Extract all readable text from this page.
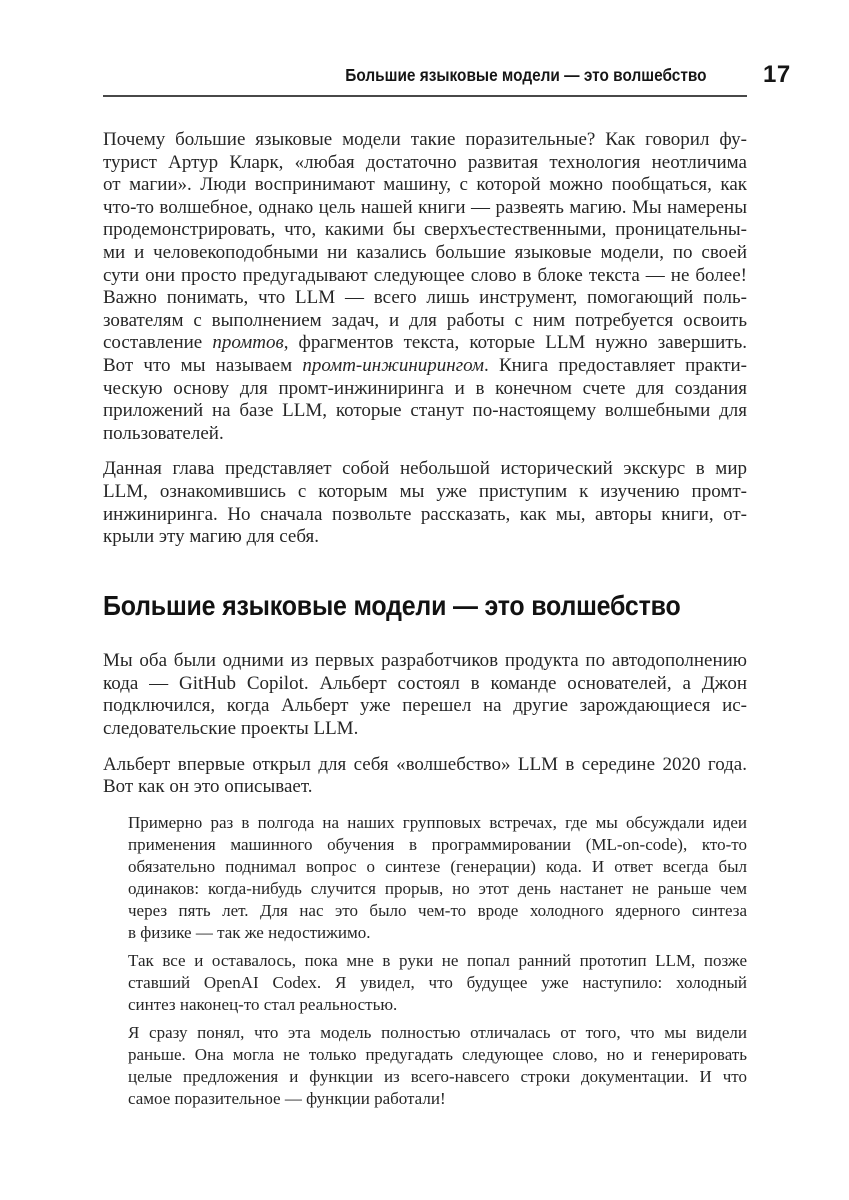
Большие языковые модели — это волшебство 17
Почему большие языковые модели такие поразительные? Как говорил фу-
турист Артур Кларк, «любая достаточно развитая технология неотличима
от магии». Люди воспринимают машину, с которой можно пообщаться, как
что-то волшебное, однако цель нашей книги — развеять магию. Мы намерены
продемонстрировать, что, какими бы сверхъестественными, проницательны-
ми и человекоподобными ни казались большие языковые модели, по своей
сути они просто предугадывают следующее слово в блоке текста — не более!
Важно понимать, что LLM — всего лишь инструмент, помогающий поль-
зователям с выполнением задач, и для работы с ним потребуется освоить
составление промтов, фрагментов текста, которые LLM нужно завершить.
Вот что мы называем промт-инжинирингом. Книга предоставляет практи-
ческую основу для промт-инжиниринга и в конечном счете для создания
приложений на базе LLM, которые станут по-настоящему волшебными для
пользователей.
Данная глава представляет собой небольшой исторический экскурс в мир
LLM, ознакомившись с которым мы уже приступим к изучению промт-
инжиниринга. Но сначала позвольте рассказать, как мы, авторы книги, от-
крыли эту магию для себя.
Большие языковые модели — это волшебство
Мы оба были одними из первых разработчиков продукта по автодополнению
кода — GitHub Copilot. Альберт состоял в команде основателей, а Джон
подключился, когда Альберт уже перешел на другие зарождающиеся ис-
следовательские проекты LLM.
Альберт впервые открыл для себя «волшебство» LLM в середине 2020 года.
Вот как он это описывает.
Примерно раз в полгода на наших групповых встречах, где мы обсуждали идеи
применения машинного обучения в программировании (ML-on-code), кто-то
обязательно поднимал вопрос о синтезе (генерации) кода. И ответ всегда был
одинаков: когда-нибудь случится прорыв, но этот день настанет не раньше чем
через пять лет. Для нас это было чем-то вроде холодного ядерного синтеза
в физике — так же недостижимо.
Так все и оставалось, пока мне в руки не попал ранний прототип LLM, позже
ставший OpenAI Codex. Я увидел, что будущее уже наступило: холодный
синтез наконец-то стал реальностью.
Я сразу понял, что эта модель полностью отличалась от того, что мы видели
раньше. Она могла не только предугадать следующее слово, но и генерировать
целые предложения и функции из всего-навсего строки документации. И что
самое поразительное — функции работали!
